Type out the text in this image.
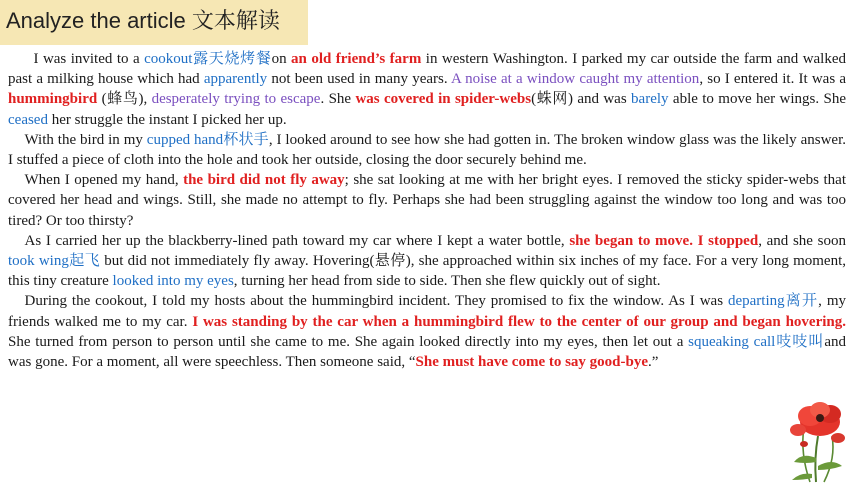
Analyze the article 文本解读

I was invited to a cookout露天烧烤餐on an old friend’s farm in western Washington. I parked my car outside the farm and walked past a milking house which had apparently not been used in many years. A noise at a window caught my attention, so I entered it. It was a hummingbird (蜂鸟), desperately trying to escape. She was covered in spider-webs(蛛网) and was barely able to move her wings. She ceased her struggle the instant I picked her up.

With the bird in my cupped hand杯状手, I looked around to see how she had gotten in. The broken window glass was the likely answer. I stuffed a piece of cloth into the hole and took her outside, closing the door securely behind me.

When I opened my hand, the bird did not fly away; she sat looking at me with her bright eyes. I removed the sticky spider-webs that covered her head and wings. Still, she made no attempt to fly. Perhaps she had been struggling against the window too long and was too tired? Or too thirsty?

As I carried her up the blackberry-lined path toward my car where I kept a water bottle, she began to move. I stopped, and she soon took wing起飞 but did not immediately fly away. Hovering(悬停), she approached within six inches of my face. For a very long moment, this tiny creature looked into my eyes, turning her head from side to side. Then she flew quickly out of sight.

During the cookout, I told my hosts about the hummingbird incident. They promised to fix the window. As I was departing离开, my friends walked me to my car. I was standing by the car when a hummingbird flew to the center of our group and began hovering. She turned from person to person until she came to me. She again looked directly into my eyes, then let out a squeaking call吱吱叫and was gone. For a moment, all were speechless. Then someone said, “She must have come to say good-bye.”
